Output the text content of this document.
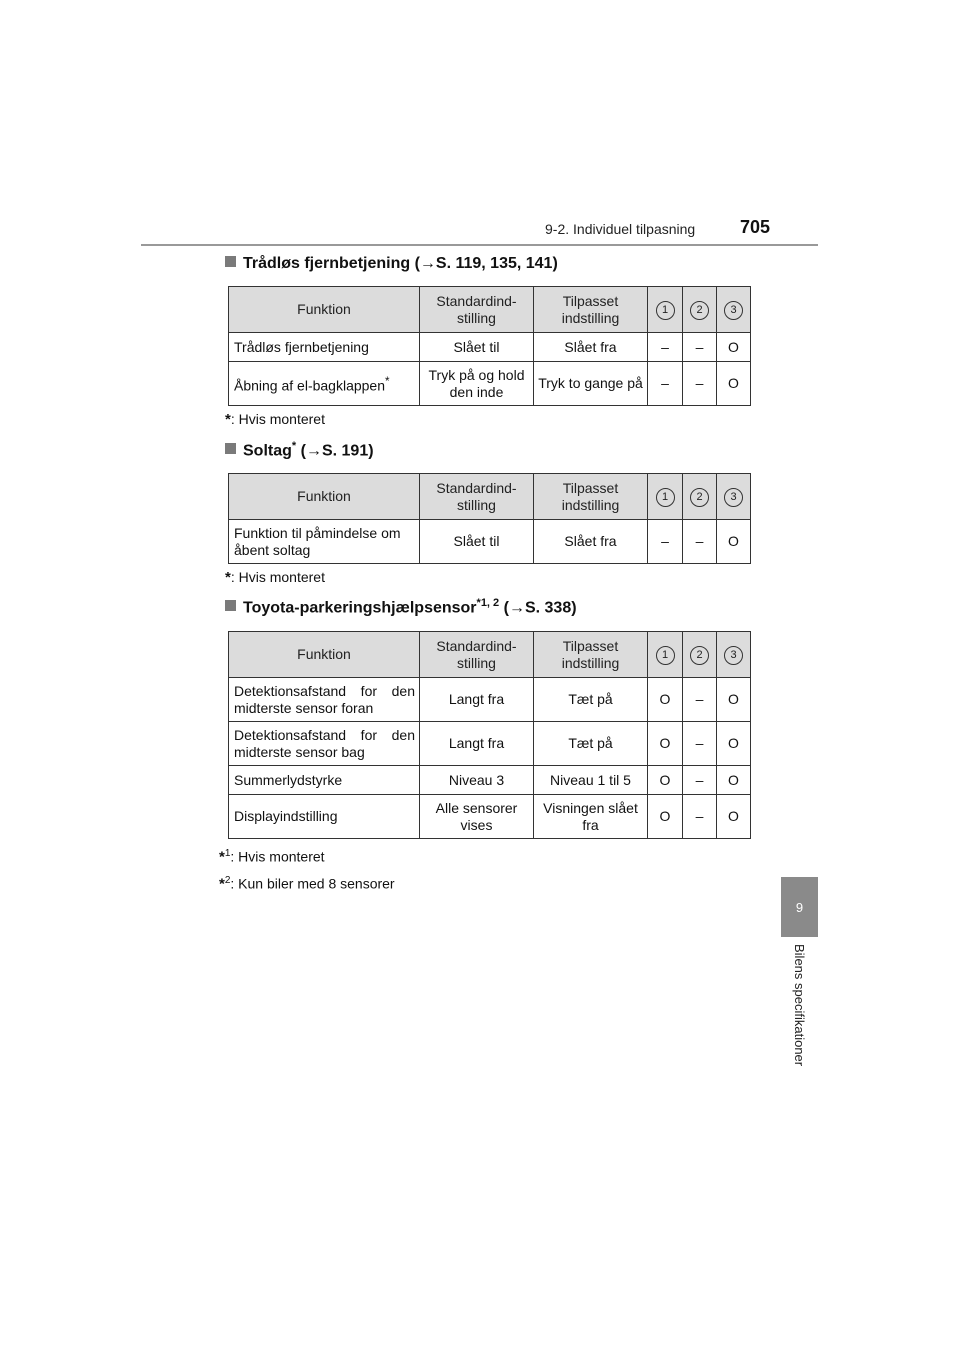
9-2. Individuel tilpasning 705
9
Bilens specifikationer
Trådløs fjernbetjening (→S. 119, 135, 141)
Funktion	Standardind-stilling	Tilpasset indstilling	1	2	3
Trådløs fjernbetjening	Slået til	Slået fra	–	–	O
Åbning af el-bagklappen*	Tryk på og hold den inde	Tryk to gange på	–	–	O
*: Hvis monteret
Soltag* (→S. 191)
Funktion	Standardind-stilling	Tilpasset indstilling	1	2	3
Funktion til påmindelse om åbent soltag	Slået til	Slået fra	–	–	O
*: Hvis monteret
Toyota-parkeringshjælpsensor$^{*1, 2}$ (→S. 338)
Funktion	Standardind-stilling	Tilpasset indstilling	1	2	3
Detektionsafstand for den midterste sensor foran	Langt fra	Tæt på	O	–	O
Detektionsafstand for den midterste sensor bag	Langt fra	Tæt på	O	–	O
Summerlydstyrke	Niveau 3	Niveau 1 til 5	O	–	O
Displayindstilling	Alle sensorer vises	Visningen slået fra	O	–	O
*$^1$: Hvis monteret
*$^2$: Kun biler med 8 sensorer
